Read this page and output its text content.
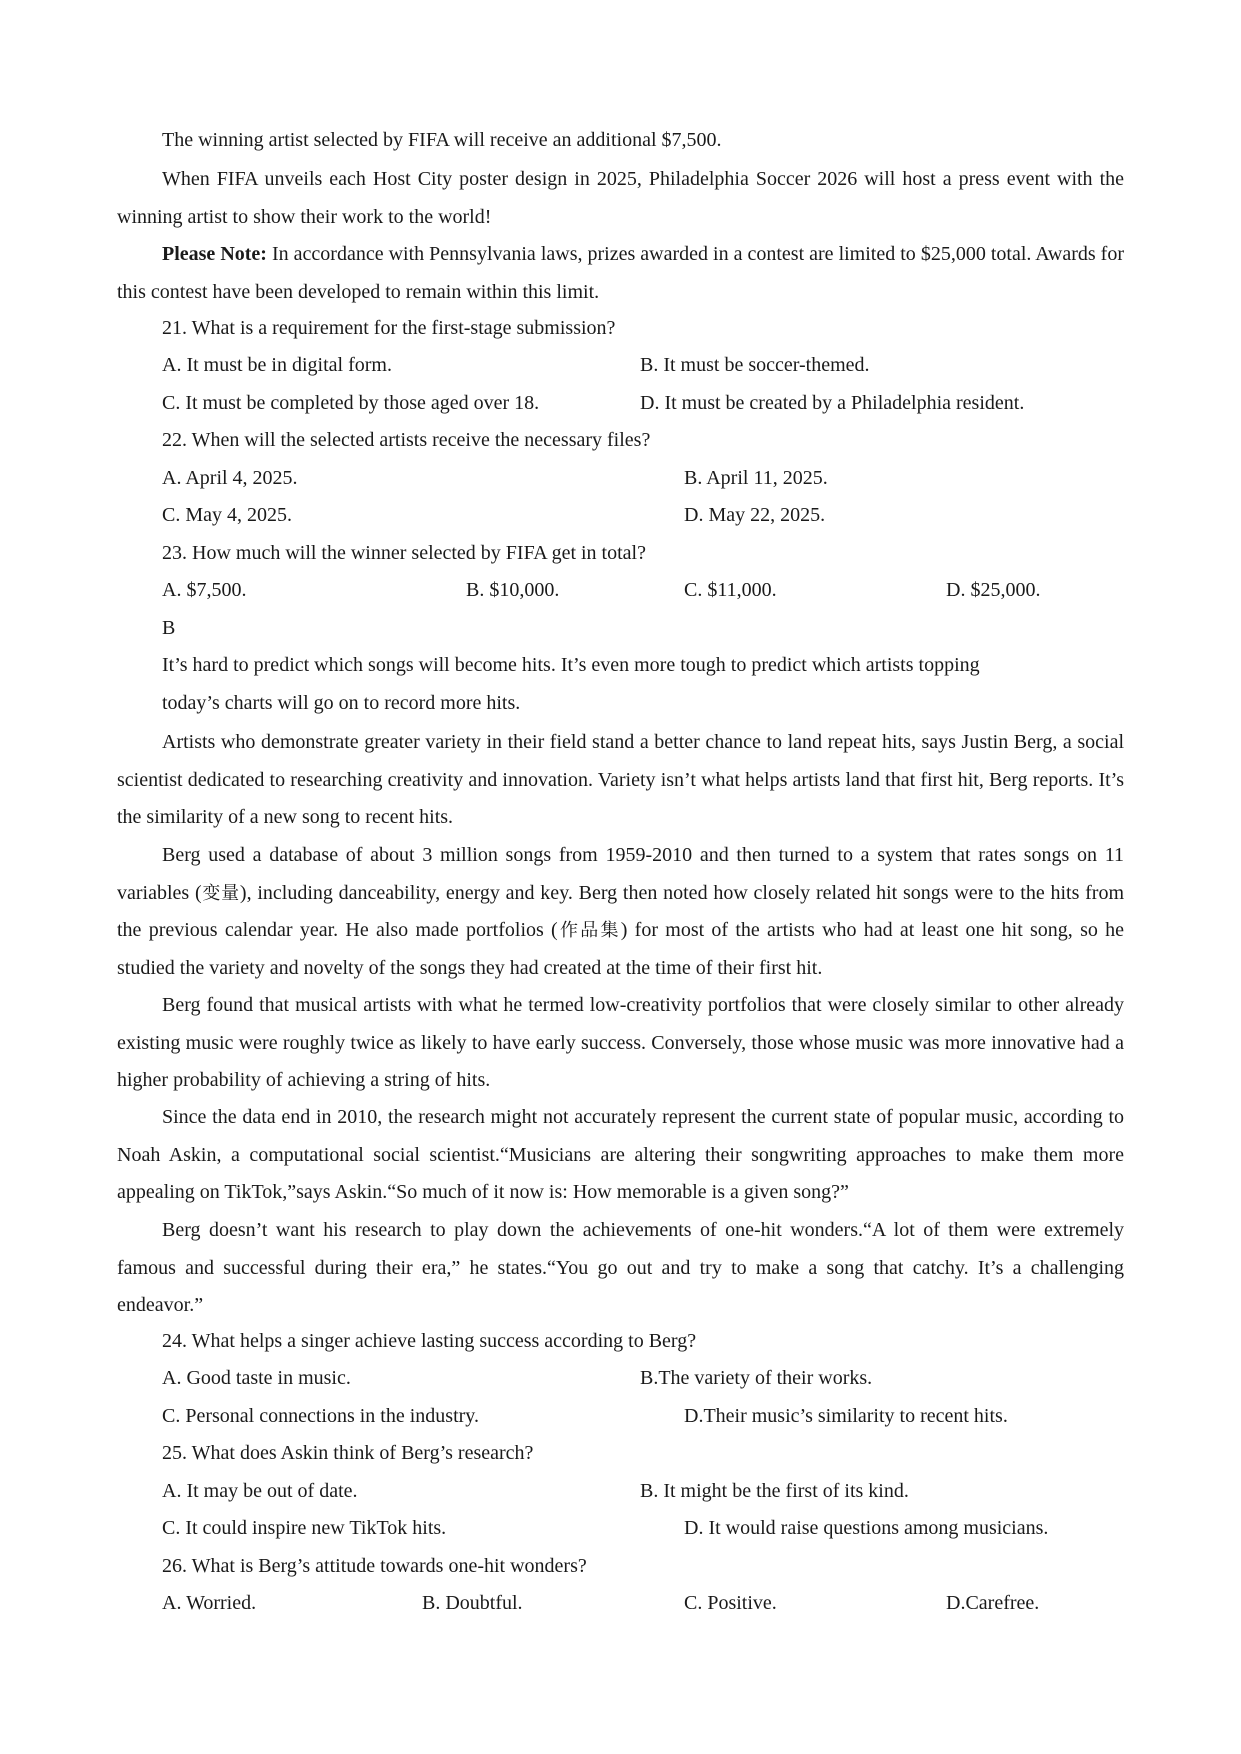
The winning artist selected by FIFA will receive an additional $7,500.

When FIFA unveils each Host City poster design in 2025, Philadelphia Soccer 2026 will host a press event with the winning artist to show their work to the world!

Please Note: In accordance with Pennsylvania laws, prizes awarded in a contest are limited to $25,000 total. Awards for this contest have been developed to remain within this limit.

21. What is a requirement for the first-stage submission?
A. It must be in digital form.	B. It must be soccer-themed.
C. It must be completed by those aged over 18.	D. It must be created by a Philadelphia resident.
22. When will the selected artists receive the necessary files?
A. April 4, 2025.	B. April 11, 2025.
C. May 4, 2025.	D. May 22, 2025.
23. How much will the winner selected by FIFA get in total?
A. $7,500.	B. $10,000.	C. $11,000.	D. $25,000.
B
It’s hard to predict which songs will become hits. It’s even more tough to predict which artists topping
today’s charts will go on to record more hits.

Artists who demonstrate greater variety in their field stand a better chance to land repeat hits, says Justin Berg, a social scientist dedicated to researching creativity and innovation. Variety isn’t what helps artists land that first hit, Berg reports. It’s the similarity of a new song to recent hits.

Berg used a database of about 3 million songs from 1959-2010 and then turned to a system that rates songs on 11 variables (变量), including danceability, energy and key. Berg then noted how closely related hit songs were to the hits from the previous calendar year. He also made portfolios (作品集) for most of the artists who had at least one hit song, so he studied the variety and novelty of the songs they had created at the time of their first hit.

Berg found that musical artists with what he termed low-creativity portfolios that were closely similar to other already existing music were roughly twice as likely to have early success. Conversely, those whose music was more innovative had a higher probability of achieving a string of hits.

Since the data end in 2010, the research might not accurately represent the current state of popular music, according to Noah Askin, a computational social scientist.“Musicians are altering their songwriting approaches to make them more appealing on TikTok,”says Askin.“So much of it now is: How memorable is a given song?”

Berg doesn’t want his research to play down the achievements of one-hit wonders.“A lot of them were extremely famous and successful during their era,” he states.“You go out and try to make a song that catchy. It’s a challenging endeavor.”

24. What helps a singer achieve lasting success according to Berg?
A. Good taste in music.	B.The variety of their works.
C. Personal connections in the industry.	D.Their music’s similarity to recent hits.
25. What does Askin think of Berg’s research?
A. It may be out of date.	B. It might be the first of its kind.
C. It could inspire new TikTok hits.	D. It would raise questions among musicians.
26. What is Berg’s attitude towards one-hit wonders?
A. Worried.	B. Doubtful.	C. Positive.	D.Carefree.
